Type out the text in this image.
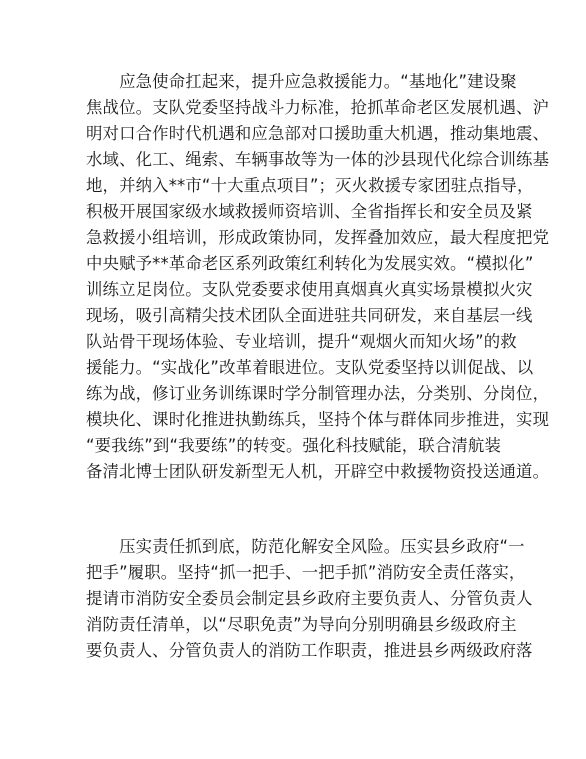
　　应急使命扛起来，提升应急救援能力。“基地化”建设聚
焦战位。支队党委坚持战斗力标准，抢抓革命老区发展机遇、沪
明对口合作时代机遇和应急部对口援助重大机遇，推动集地震、
水域、化工、绳索、车辆事故等为一体的沙县现代化综合训练基
地，并纳入**市“十大重点项目”；灭火救援专家团驻点指导，
积极开展国家级水域救援师资培训、全省指挥长和安全员及紧
急救援小组培训，形成政策协同，发挥叠加效应，最大程度把党
中央赋予**革命老区系列政策红利转化为发展实效。“模拟化”
训练立足岗位。支队党委要求使用真烟真火真实场景模拟火灾
现场，吸引高精尖技术团队全面进驻共同研发，来自基层一线
队站骨干现场体验、专业培训，提升“观烟火而知火场”的救
援能力。“实战化”改革着眼进位。支队党委坚持以训促战、以
练为战，修订业务训练课时学分制管理办法，分类别、分岗位，
模块化、课时化推进执勤练兵，坚持个体与群体同步推进，实现
“要我练”到“我要练”的转变。强化科技赋能，联合清航装
备清北博士团队研发新型无人机，开辟空中救援物资投送通道。
　　压实责任抓到底，防范化解安全风险。压实县乡政府“一
把手”履职。坚持“抓一把手、一把手抓”消防安全责任落实，
提请市消防安全委员会制定县乡政府主要负责人、分管负责人
消防责任清单，以“尽职免责”为导向分别明确县乡级政府主
要负责人、分管负责人的消防工作职责，推进县乡两级政府落
